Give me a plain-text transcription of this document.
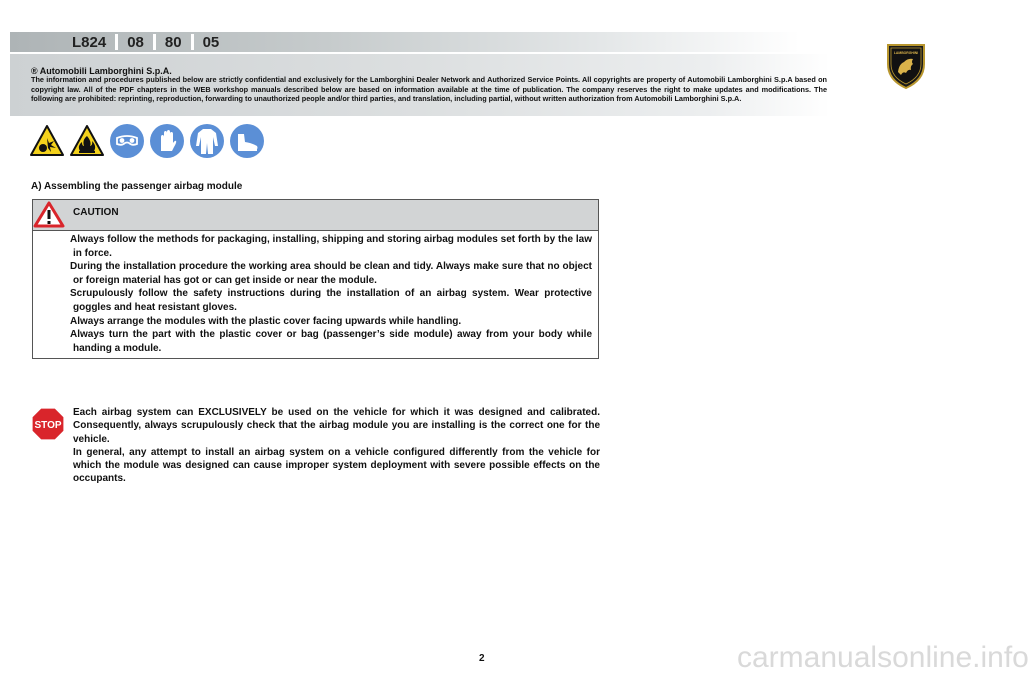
L824 08 80 05
LAMBORGHINI
® Automobili Lamborghini S.p.A.
The information and procedures published below are strictly confidential and exclusively for the Lamborghini Dealer Network and Authorized Service Points. All copyrights are property of Automobili Lamborghini S.p.A based on copyright law. All of the PDF chapters in the WEB workshop manuals described below are based on information available at the time of publication. The company reserves the right to make updates and modifications. The following are prohibited: reprinting, reproduction, forwarding to unauthorized people and/or third parties, and translation, including partial, without written authorization from Automobili Lamborghini S.p.A.
A) Assembling the passenger airbag module
CAUTION

Always follow the methods for packaging, installing, shipping and storing airbag modules set forth by the law in force.

During the installation procedure the working area should be clean and tidy. Always make sure that no object or foreign material has got or can get inside or near the module.

Scrupulously follow the safety instructions during the installation of an airbag system. Wear protective goggles and heat resistant gloves.

Always arrange the modules with the plastic cover facing upwards while handling.

Always turn the part with the plastic cover or bag (passenger’s side module) away from your body while handing a module.

STOP

Each airbag system can EXCLUSIVELY be used on the vehicle for which it was designed and calibrated. Consequently, always scrupulously check that the airbag module you are installing is the correct one for the vehicle.

In general, any attempt to install an airbag system on a vehicle configured differently from the vehicle for which the module was designed can cause improper system deployment with severe possible effects on the occupants.

2	carmanualsonline.info
